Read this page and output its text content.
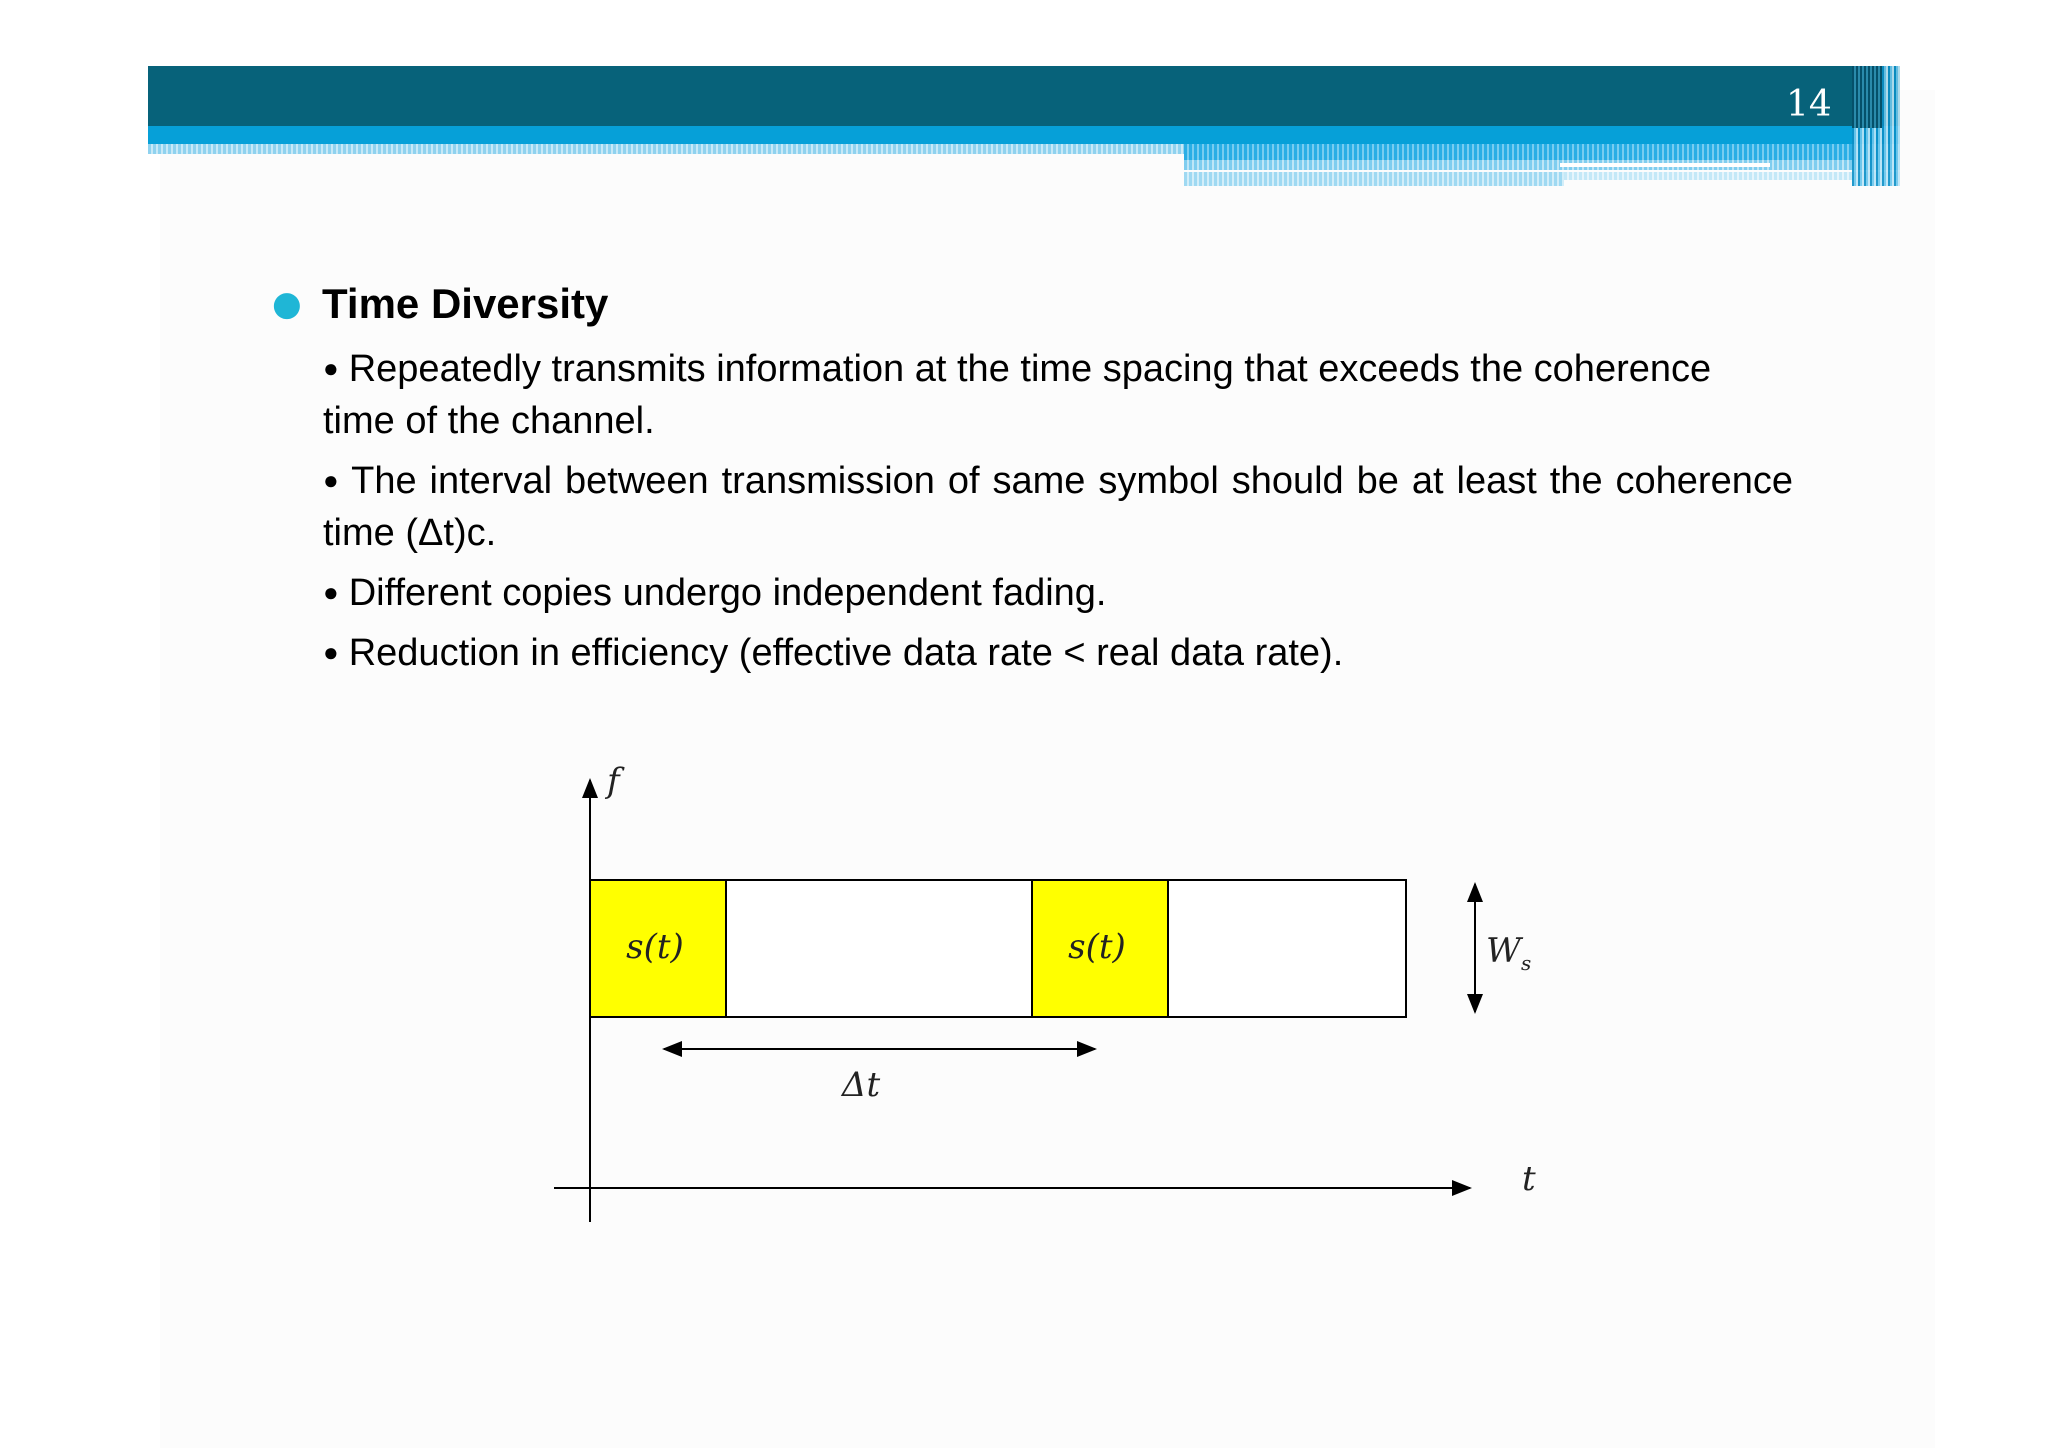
14
● Time Diversity
● Repeatedly transmits information at the time spacing that exceeds the coherence time of the channel.
● The interval between transmission of same symbol should be at least the coherence time (Δt)c.
● Different copies undergo independent fading.
● Reduction in efficiency (effective data rate < real data rate).
f
t
s(t)	s(t)
Δt
$W_s$
